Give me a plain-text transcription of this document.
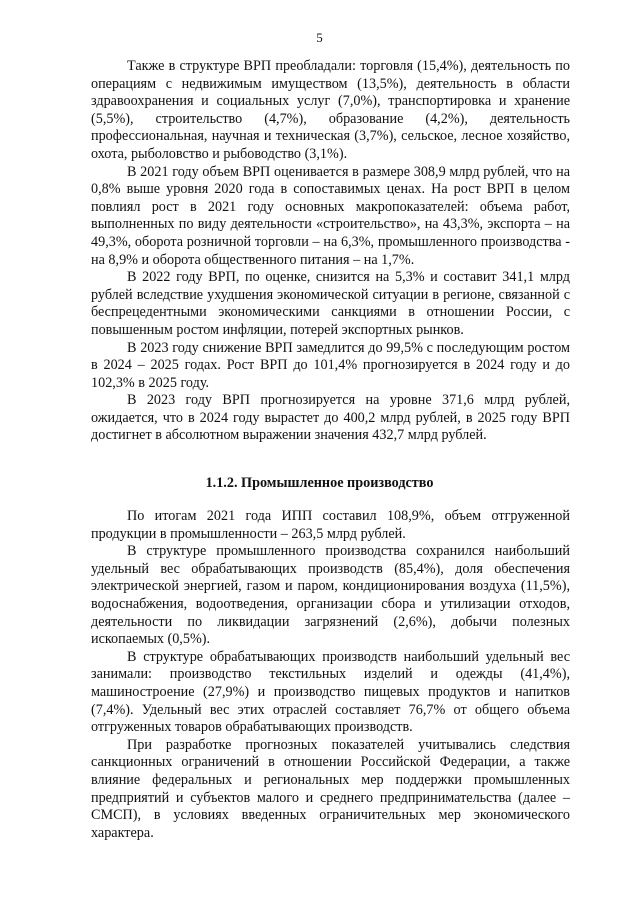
5

Также в структуре ВРП преобладали: торговля (15,4%), деятельность по операциям с недвижимым имуществом (13,5%), деятельность в области здравоохранения и социальных услуг (7,0%), транспортировка и хранение (5,5%), строительство (4,7%), образование (4,2%), деятельность профессиональная, научная и техническая (3,7%), сельское, лесное хозяйство, охота, рыболовство и рыбоводство (3,1%).

В 2021 году объем ВРП оценивается в размере 308,9 млрд рублей, что на 0,8% выше уровня 2020 года в сопоставимых ценах. На рост ВРП в целом повлиял рост в 2021 году основных макропоказателей: объема работ, выполненных по виду деятельности «строительство», на 43,3%, экспорта – на 49,3%, оборота розничной торговли – на 6,3%, промышленного производства - на 8,9% и оборота общественного питания – на 1,7%.

В 2022 году ВРП, по оценке, снизится на 5,3% и составит 341,1 млрд рублей вследствие ухудшения экономической ситуации в регионе, связанной с беспрецедентными экономическими санкциями в отношении России, с повышенным ростом инфляции, потерей экспортных рынков.

В 2023 году снижение ВРП замедлится до 99,5% с последующим ростом в 2024 – 2025 годах. Рост ВРП до 101,4% прогнозируется в 2024 году и до 102,3% в 2025 году.

В 2023 году ВРП прогнозируется на уровне 371,6 млрд рублей, ожидается, что в 2024 году вырастет до 400,2 млрд рублей, в 2025 году ВРП достигнет в абсолютном выражении значения 432,7 млрд рублей.

1.1.2. Промышленное производство

По итогам 2021 года ИПП составил 108,9%, объем отгруженной продукции в промышленности – 263,5 млрд рублей.

В структуре промышленного производства сохранился наибольший удельный вес обрабатывающих производств (85,4%), доля обеспечения электрической энергией, газом и паром, кондиционирования воздуха (11,5%), водоснабжения, водоотведения, организации сбора и утилизации отходов, деятельности по ликвидации загрязнений (2,6%), добычи полезных ископаемых (0,5%).

В структуре обрабатывающих производств наибольший удельный вес занимали: производство текстильных изделий и одежды (41,4%), машиностроение (27,9%) и производство пищевых продуктов и напитков (7,4%). Удельный вес этих отраслей составляет 76,7% от общего объема отгруженных товаров обрабатывающих производств.

При разработке прогнозных показателей учитывались следствия санкционных ограничений в отношении Российской Федерации, а также влияние федеральных и региональных мер поддержки промышленных предприятий и субъектов малого и среднего предпринимательства (далее – СМСП), в условиях введенных ограничительных мер экономического характера.
